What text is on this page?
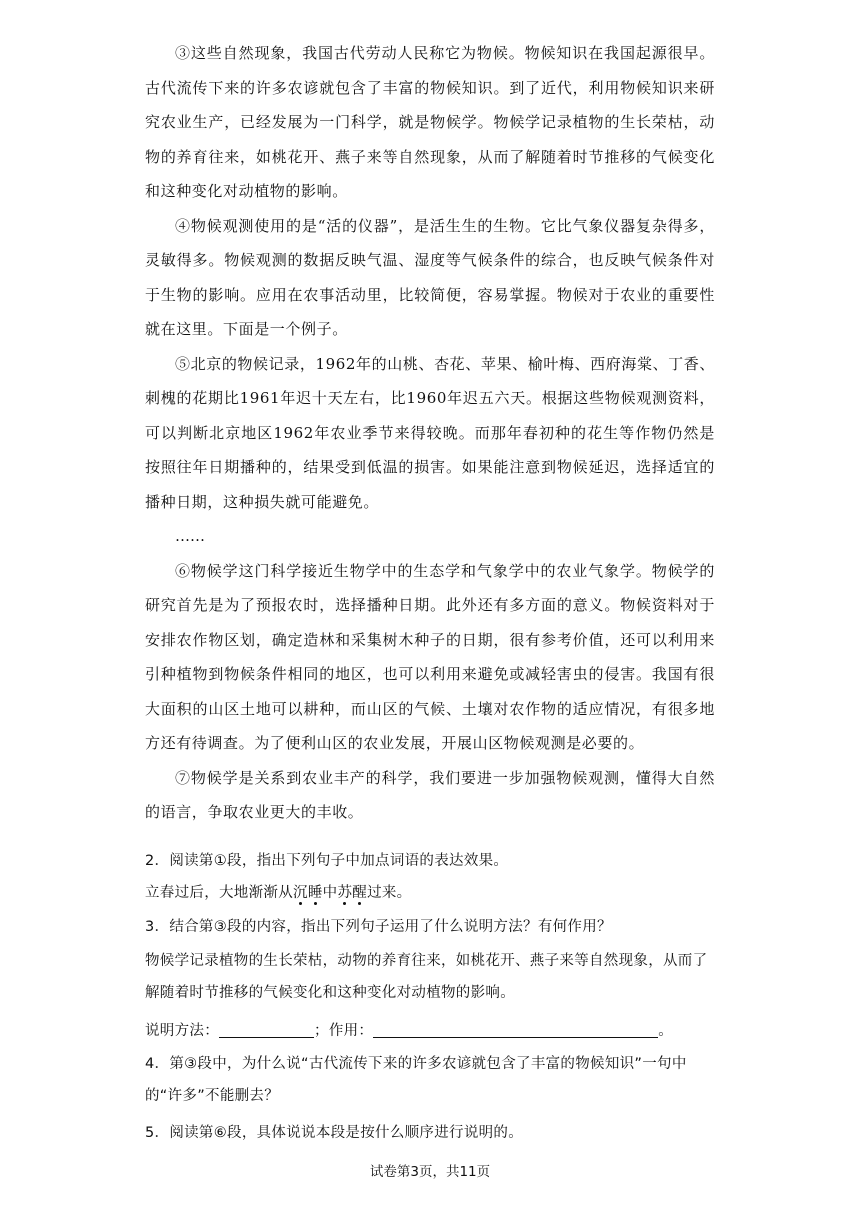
③这些自然现象，我国古代劳动人民称它为物候。物候知识在我国起源很早。古代流传下来的许多农谚就包含了丰富的物候知识。到了近代，利用物候知识来研究农业生产，已经发展为一门科学，就是物候学。物候学记录植物的生长荣枯，动物的养育往来，如桃花开、燕子来等自然现象，从而了解随着时节推移的气候变化和这种变化对动植物的影响。

④物候观测使用的是“活的仪器”，是活生生的生物。它比气象仪器复杂得多，灵敏得多。物候观测的数据反映气温、湿度等气候条件的综合，也反映气候条件对于生物的影响。应用在农事活动里，比较简便，容易掌握。物候对于农业的重要性就在这里。下面是一个例子。

⑤北京的物候记录，1962年的山桃、杏花、苹果、榆叶梅、西府海棠、丁香、刺槐的花期比1961年迟十天左右，比1960年迟五六天。根据这些物候观测资料，可以判断北京地区1962年农业季节来得较晚。而那年春初种的花生等作物仍然是按照往年日期播种的，结果受到低温的损害。如果能注意到物候延迟，选择适宜的播种日期，这种损失就可能避免。

……

⑥物候学这门科学接近生物学中的生态学和气象学中的农业气象学。物候学的研究首先是为了预报农时，选择播种日期。此外还有多方面的意义。物候资料对于安排农作物区划，确定造林和采集树木种子的日期，很有参考价值，还可以利用来引种植物到物候条件相同的地区，也可以利用来避免或减轻害虫的侵害。我国有很大面积的山区土地可以耕种，而山区的气候、土壤对农作物的适应情况，有很多地方还有待调查。为了便利山区的农业发展，开展山区物候观测是必要的。

⑦物候学是关系到农业丰产的科学，我们要进一步加强物候观测，懂得大自然的语言，争取农业更大的丰收。

2．阅读第①段，指出下列句子中加点词语的表达效果。

立春过后，大地渐渐从沉睡中苏醒过来。

3．结合第③段的内容，指出下列句子运用了什么说明方法？有何作用？

物候学记录植物的生长荣枯，动物的养育往来，如桃花开、燕子来等自然现象，从而了解随着时节推移的气候变化和这种变化对动植物的影响。

说明方法：	；作用：	。

4．第③段中，为什么说“古代流传下来的许多农谚就包含了丰富的物候知识”一句中的“许多”不能删去？

5．阅读第⑥段，具体说说本段是按什么顺序进行说明的。

试卷第3页，共11页
